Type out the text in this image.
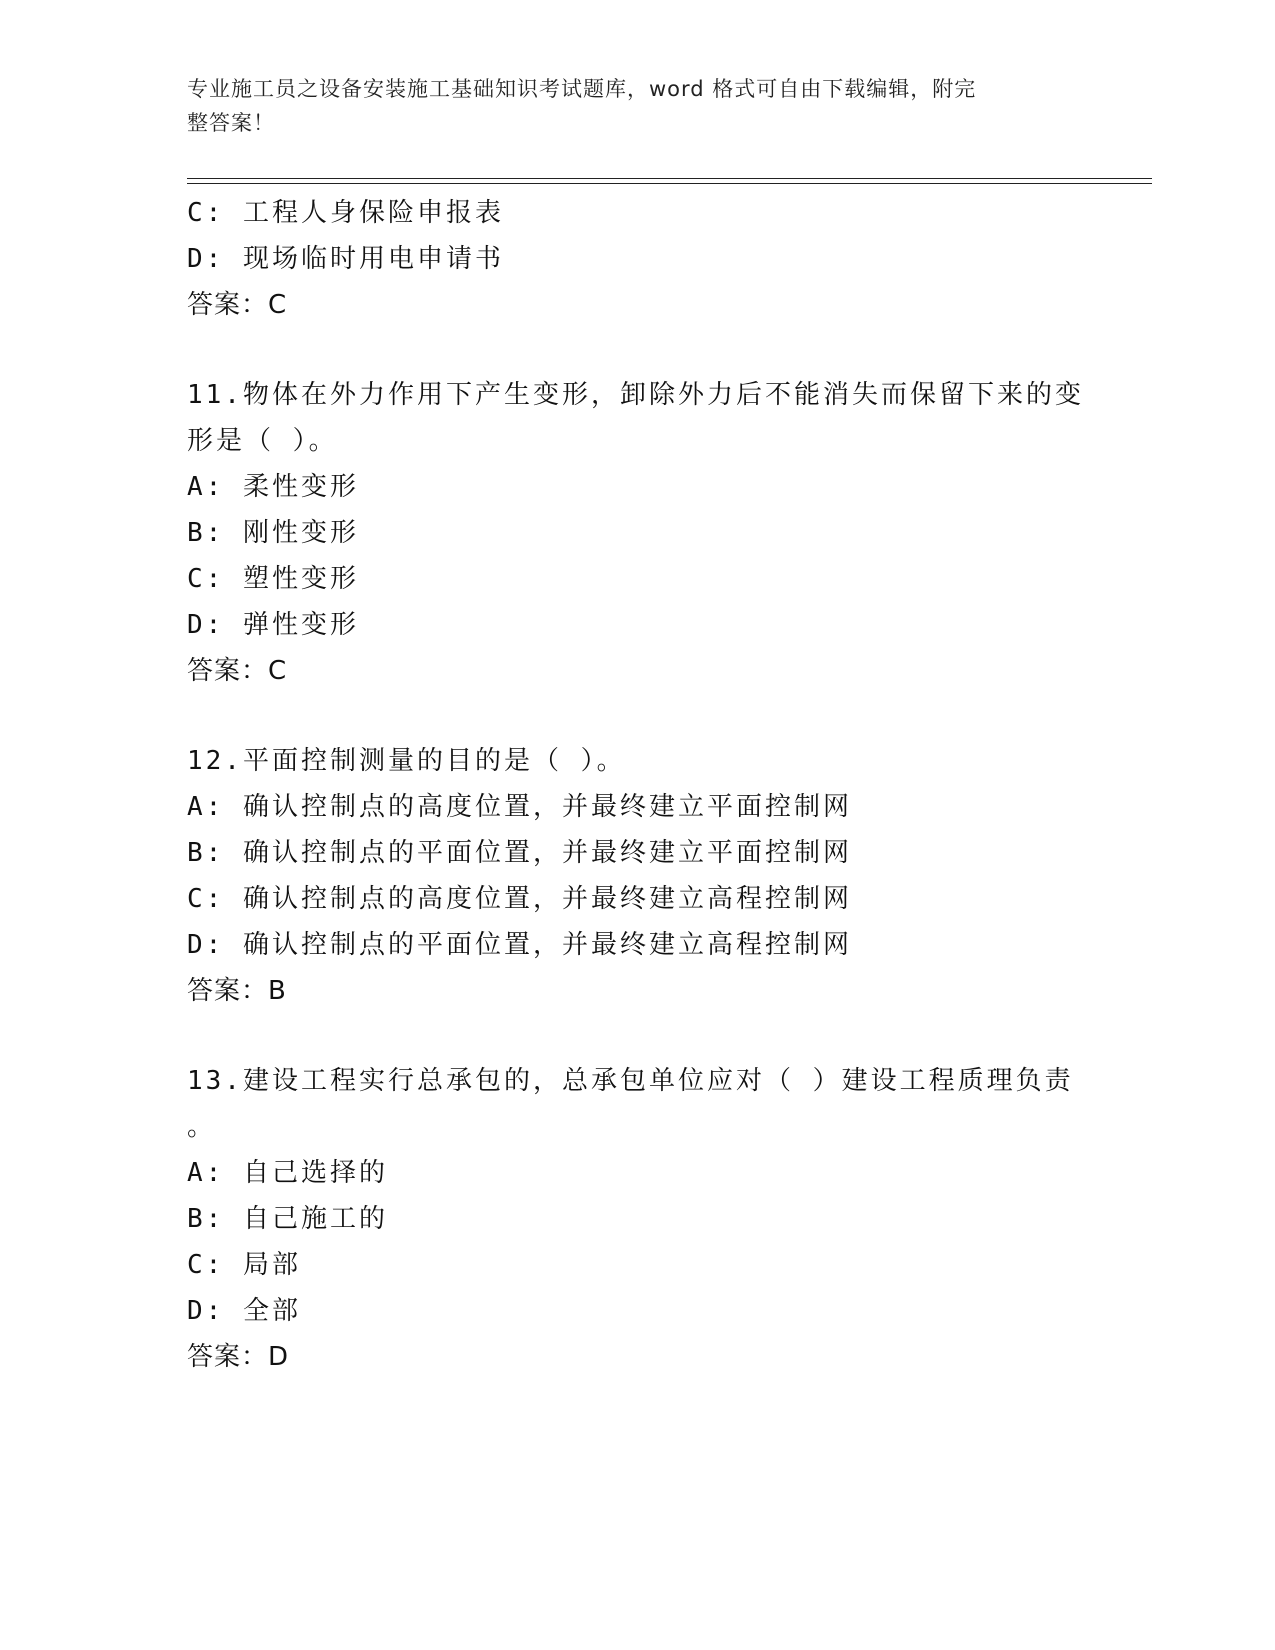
专业施工员之设备安装施工基础知识考试题库，word 格式可自由下载编辑，附完
整答案！
C: 工程人身保险申报表
D: 现场临时用电申请书
答案：C
11.物体在外力作用下产生变形，卸除外力后不能消失而保留下来的变
形是（ ）。
A: 柔性变形
B: 刚性变形
C: 塑性变形
D: 弹性变形
答案：C
12.平面控制测量的目的是（ ）。
A: 确认控制点的高度位置，并最终建立平面控制网
B: 确认控制点的平面位置，并最终建立平面控制网
C: 确认控制点的高度位置，并最终建立高程控制网
D: 确认控制点的平面位置，并最终建立高程控制网
答案：B
13.建设工程实行总承包的，总承包单位应对（ ）建设工程质理负责
。
A: 自己选择的
B: 自己施工的
C: 局部
D: 全部
答案：D
